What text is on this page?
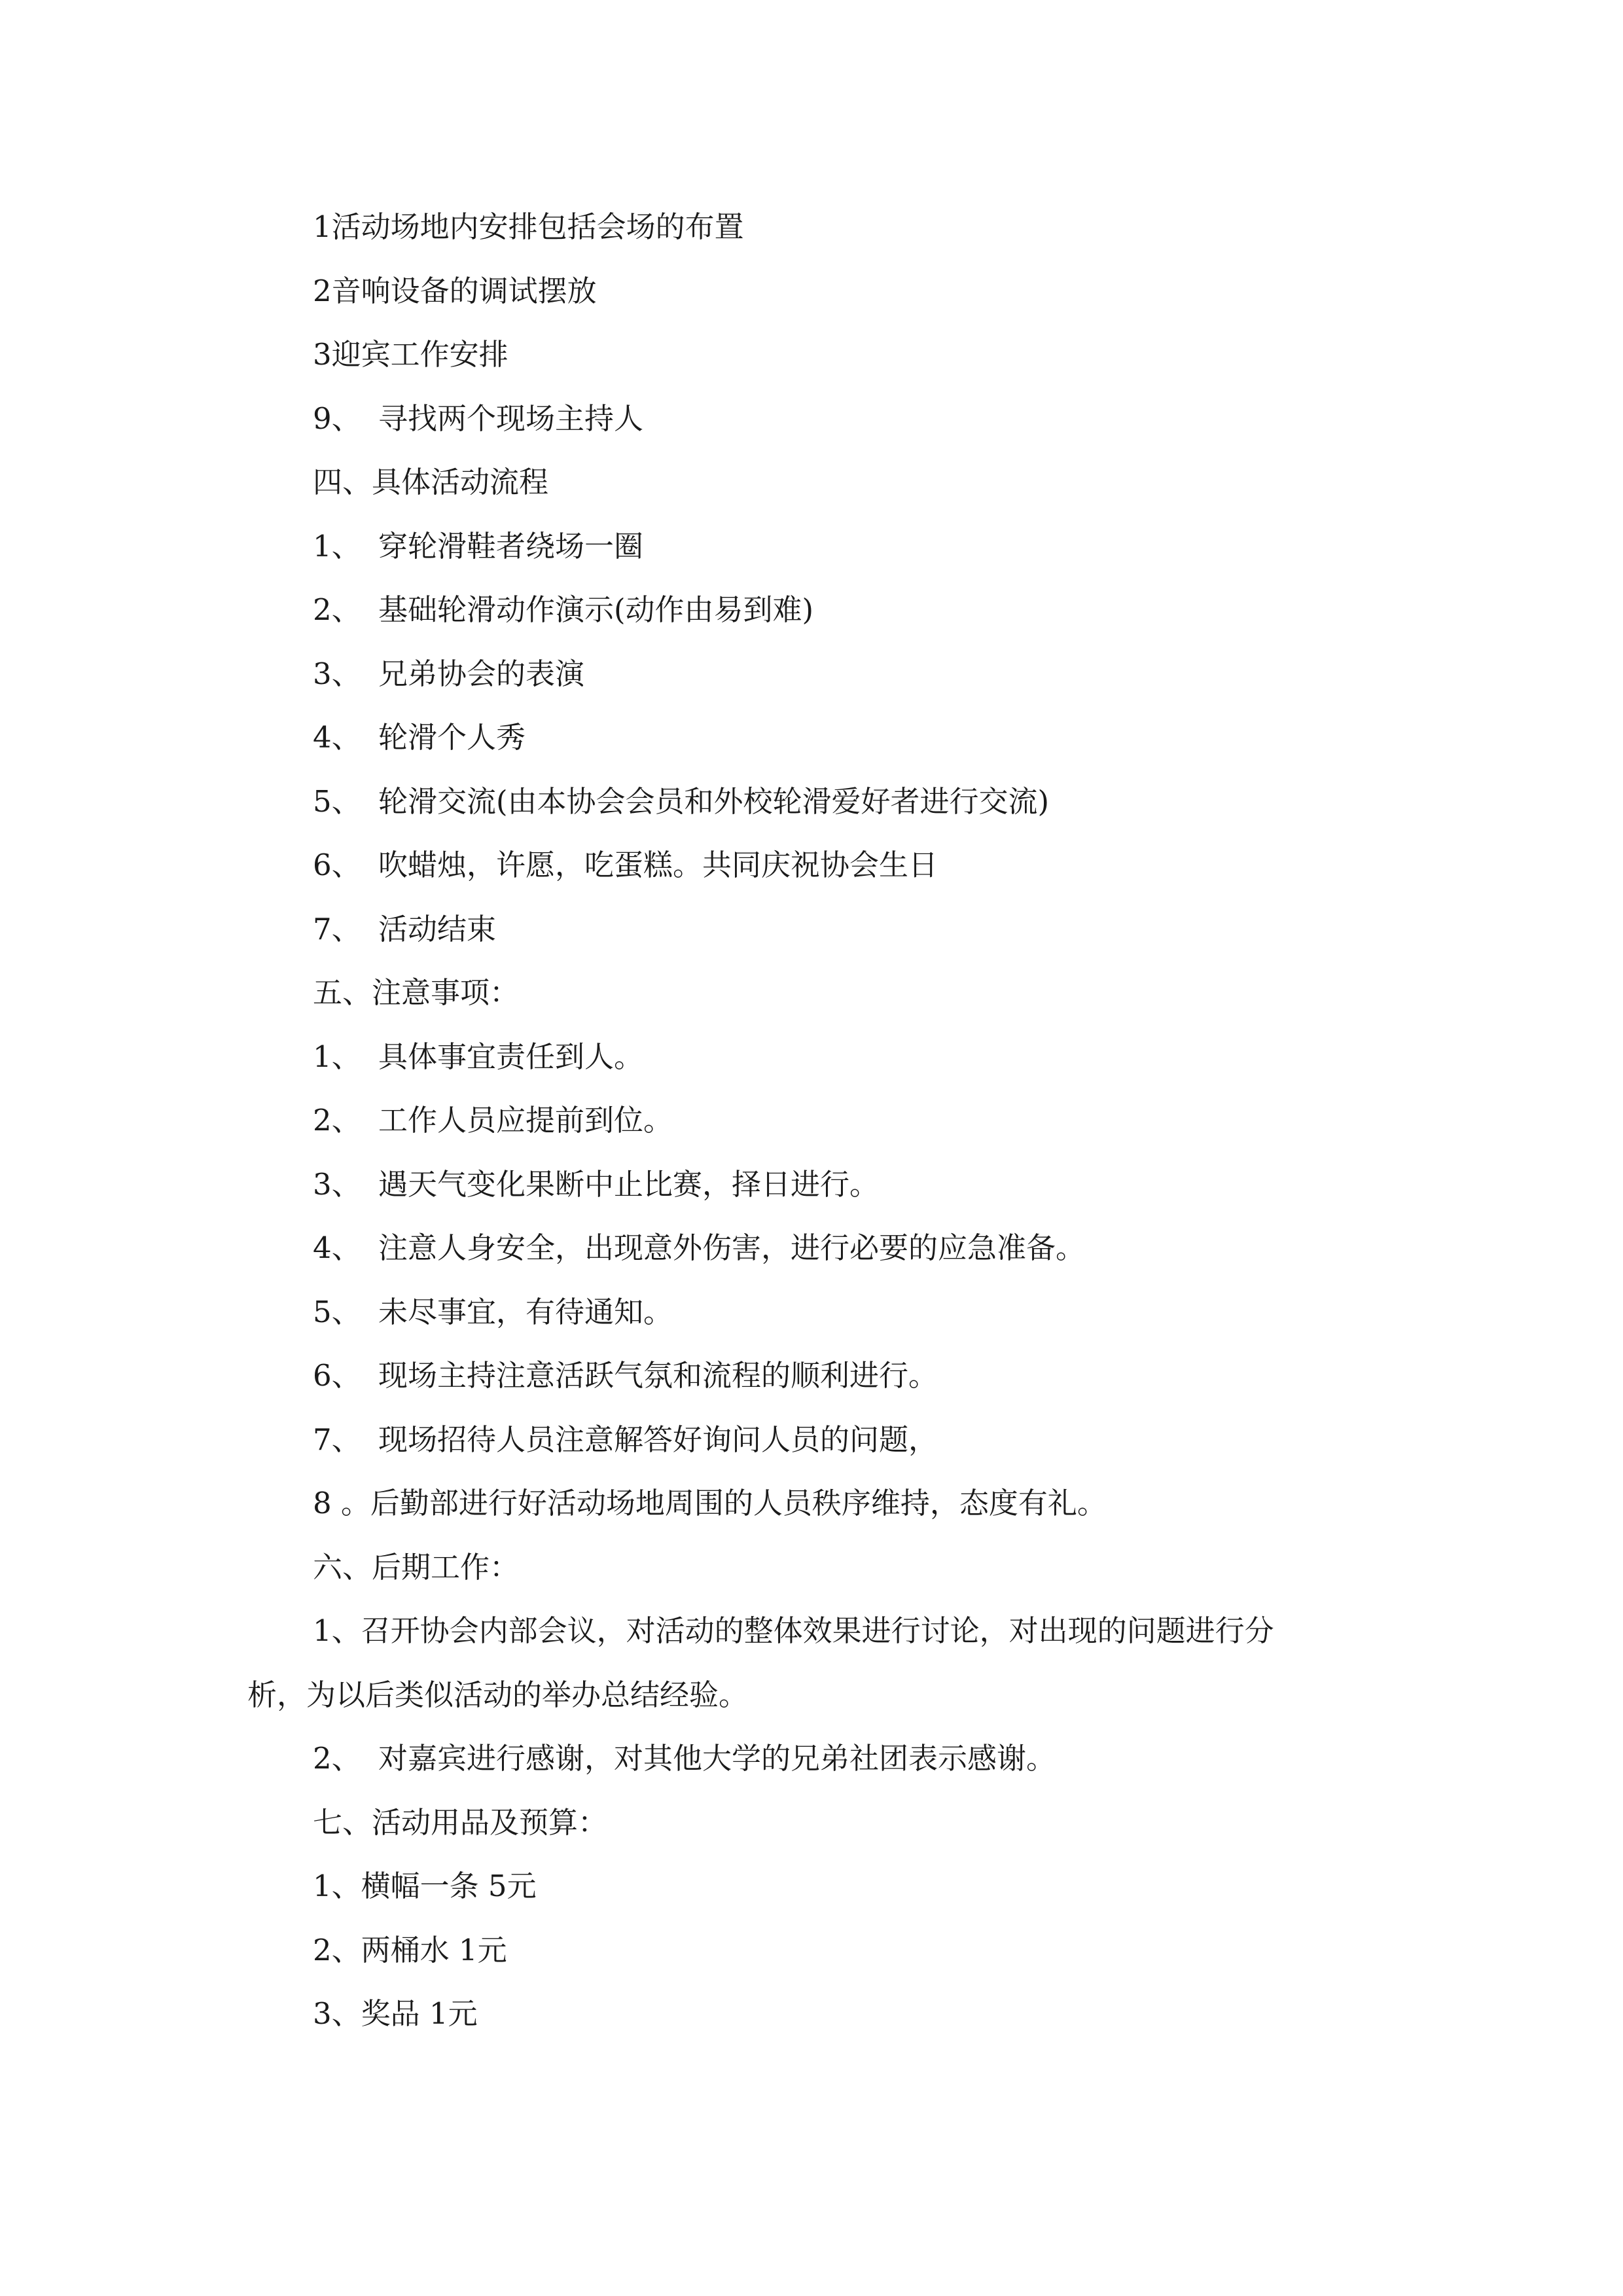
1活动场地内安排包括会场的布置
2音响设备的调试摆放
3迎宾工作安排
9、 寻找两个现场主持人
四、具体活动流程
1、 穿轮滑鞋者绕场一圈
2、 基础轮滑动作演示(动作由易到难)
3、 兄弟协会的表演
4、 轮滑个人秀
5、 轮滑交流(由本协会会员和外校轮滑爱好者进行交流)
6、 吹蜡烛，许愿，吃蛋糕。共同庆祝协会生日
7、 活动结束
五、注意事项：
1、 具体事宜责任到人。
2、 工作人员应提前到位。
3、 遇天气变化果断中止比赛，择日进行。
4、 注意人身安全，出现意外伤害，进行必要的应急准备。
5、 未尽事宜，有待通知。
6、 现场主持注意活跃气氛和流程的顺利进行。
7、 现场招待人员注意解答好询问人员的问题，
8 。后勤部进行好活动场地周围的人员秩序维持，态度有礼。
六、后期工作：
1、召开协会内部会议，对活动的整体效果进行讨论，对出现的问题进行分
析，为以后类似活动的举办总结经验。
2、 对嘉宾进行感谢，对其他大学的兄弟社团表示感谢。
七、活动用品及预算：
1、横幅一条 5元
2、两桶水 1元
3、奖品 1元
